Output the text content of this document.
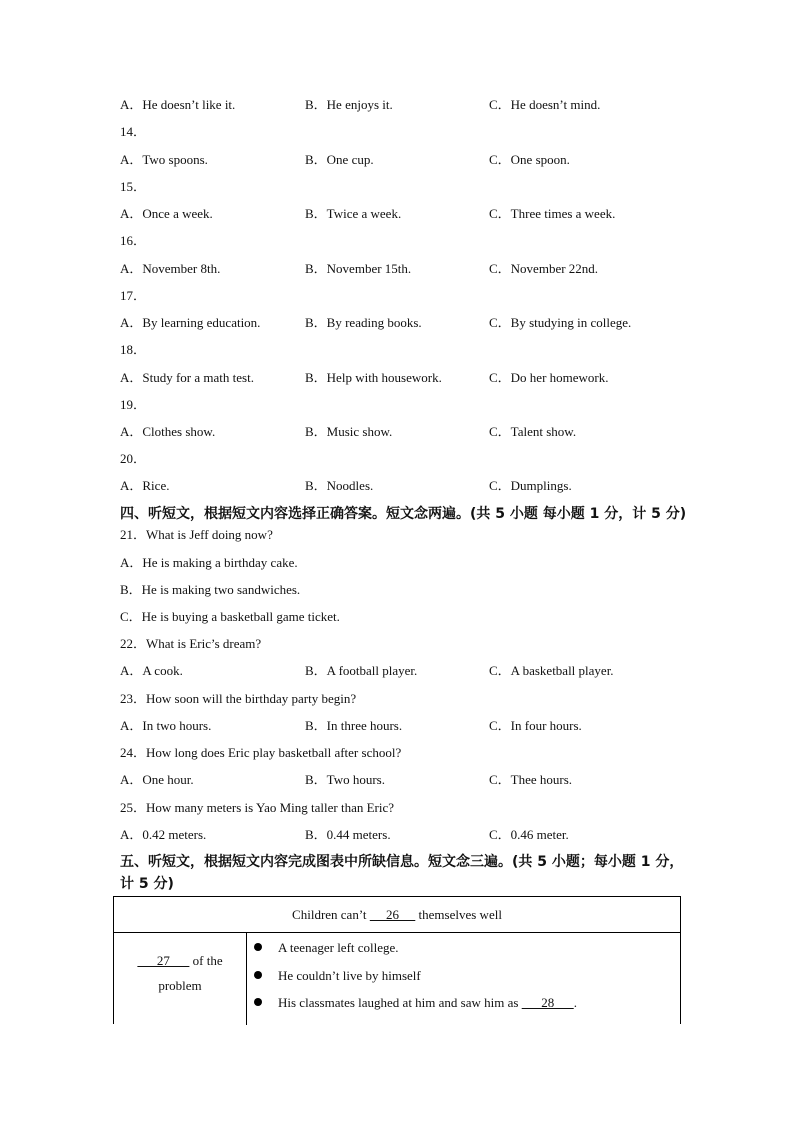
A．He doesn’t like it.	B．He enjoys it.	C．He doesn’t mind.
14．
A．Two spoons.	B．One cup.	C．One spoon.
15．
A．Once a week.	B．Twice a week.	C．Three times a week.
16．
A．November 8th.	B．November 15th.	C．November 22nd.
17．
A．By learning education.	B．By reading books.	C．By studying in college.
18．
A．Study for a math test.	B．Help with housework.	C．Do her homework.
19．
A．Clothes show.	B．Music show.	C．Talent show.
20．
A．Rice.	B．Noodles.	C．Dumplings.
四、听短文，根据短文内容选择正确答案。短文念两遍。(共 5 小题 每小题 1 分，计 5 分)
21．What is Jeff doing now?
A．He is making a birthday cake.
B．He is making two sandwiches.
C．He is buying a basketball game ticket.
22．What is Eric’s dream?
A．A cook.	B．A football player.	C．A basketball player.
23．How soon will the birthday party begin?
A．In two hours.	B．In three hours.	C．In four hours.
24．How long does Eric play basketball after school?
A．One hour.	B．Two hours.	C．Thee hours.
25．How many meters is Yao Ming taller than Eric?
A．0.42 meters.	B．0.44 meters.	C．0.46 meter.
五、听短文，根据短文内容完成图表中所缺信息。短文念三遍。(共 5 小题；每小题 1 分，
计 5 分)
Children can’t      26      themselves well
27       of the
problem
A teenager left college.
He couldn’t live by himself
His classmates laughed at him and saw him as       28      .
